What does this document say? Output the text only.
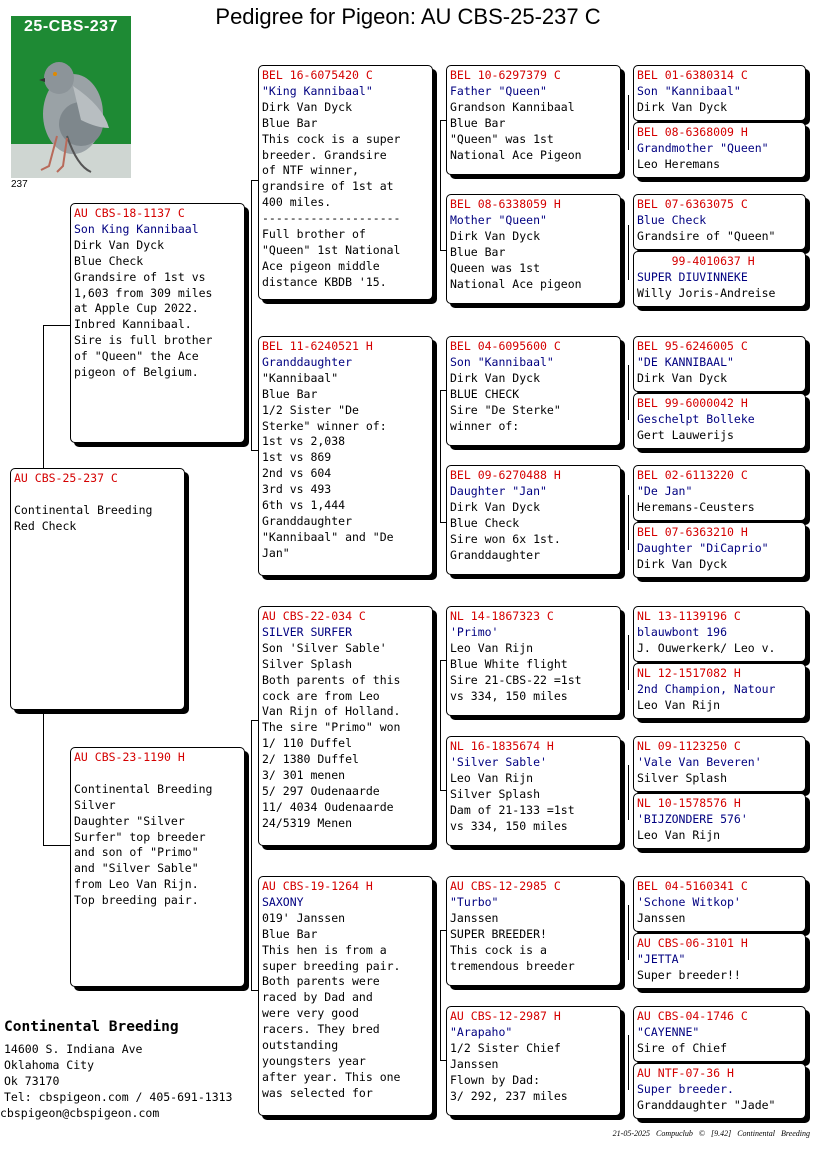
Pedigree for Pigeon: AU CBS-25-237 C
25-CBS-237
237
AU CBS-25-237 C
Continental Breeding
Red Check
AU CBS-18-1137 C
Son King Kannibaal
Dirk Van Dyck
Blue Check
Grandsire of 1st vs
1,603 from 309 miles
at Apple Cup 2022.
Inbred Kannibaal.
Sire is full brother
of "Queen" the Ace
pigeon of Belgium.
AU CBS-23-1190 H
Continental Breeding
Silver
Daughter "Silver
Surfer" top breeder
and son of "Primo"
and "Silver Sable"
from Leo Van Rijn.
Top breeding pair.
BEL 16-6075420 C
"King Kannibaal"
Dirk Van Dyck
Blue Bar
This cock is a super
breeder. Grandsire
of NTF winner,
grandsire of 1st at
400 miles.
--------------------
Full brother of
"Queen" 1st National
Ace pigeon middle
distance KBDB '15.
BEL 11-6240521 H
Granddaughter
"Kannibaal"
Blue Bar
1/2 Sister "De
Sterke" winner of:
1st vs 2,038
1st vs 869
2nd vs 604
3rd vs 493
6th vs 1,444
Granddaughter
"Kannibaal" and "De
Jan"
AU CBS-22-034 C
SILVER SURFER
Son 'Silver Sable'
Silver Splash
Both parents of this
cock are from Leo
Van Rijn of Holland.
The sire "Primo" won
1/ 110 Duffel
2/ 1380 Duffel
3/ 301 menen
5/ 297 Oudenaarde
11/ 4034 Oudenaarde
24/5319 Menen
AU CBS-19-1264 H
SAXONY
019' Janssen
Blue Bar
This hen is from a
super breeding pair.
Both parents were
raced by Dad and
were very good
racers. They bred
outstanding
youngsters year
after year. This one
was selected for
BEL 10-6297379 C
Father "Queen"
Grandson Kannibaal
Blue Bar
"Queen" was 1st
National Ace Pigeon
BEL 08-6338059 H
Mother "Queen"
Dirk Van Dyck
Blue Bar
Queen was 1st
National Ace pigeon
BEL 04-6095600 C
Son "Kannibaal"
Dirk Van Dyck
BLUE CHECK
Sire "De Sterke"
winner of:
BEL 09-6270488 H
Daughter "Jan"
Dirk Van Dyck
Blue Check
Sire won 6x 1st.
Granddaughter
NL 14-1867323 C
'Primo'
Leo Van Rijn
Blue White flight
Sire 21-CBS-22 =1st
vs 334, 150 miles
NL 16-1835674 H
'Silver Sable'
Leo Van Rijn
Silver Splash
Dam of 21-133 =1st
vs 334, 150 miles
AU CBS-12-2985 C
"Turbo"
Janssen
SUPER BREEDER!
This cock is a
tremendous breeder
AU CBS-12-2987 H
"Arapaho"
1/2 Sister Chief
Janssen
Flown by Dad:
3/ 292, 237 miles
BEL 01-6380314 C
Son "Kannibaal"
Dirk Van Dyck
BEL 08-6368009 H
Grandmother "Queen"
Leo Heremans
BEL 07-6363075 C
Blue Check
Grandsire of "Queen"
99-4010637 H
SUPER DIUVINNEKE
Willy Joris-Andreise
BEL 95-6246005 C
"DE KANNIBAAL"
Dirk Van Dyck
BEL 99-6000042 H
Geschelpt Bolleke
Gert Lauwerijs
BEL 02-6113220 C
"De Jan"
Heremans-Ceusters
BEL 07-6363210 H
Daughter "DiCaprio"
Dirk Van Dyck
NL 13-1139196 C
blauwbont 196
J. Ouwerkerk/ Leo v.
NL 12-1517082 H
2nd Champion, Natour
Leo Van Rijn
NL 09-1123250 C
'Vale Van Beveren'
Silver Splash
NL 10-1578576 H
'BIJZONDERE 576'
Leo Van Rijn
BEL 04-5160341 C
'Schone Witkop'
Janssen
AU CBS-06-3101 H
"JETTA"
Super breeder!!
AU CBS-04-1746 C
"CAYENNE"
Sire of Chief
AU NTF-07-36 H
Super breeder.
Granddaughter "Jade"
Continental Breeding
14600 S. Indiana Ave
Oklahoma City
Ok 73170
Tel: cbspigeon.com / 405-691-1313
cbspigeon@cbspigeon.com
21-05-2025 Compuclub © [9.42] Continental Breeding
